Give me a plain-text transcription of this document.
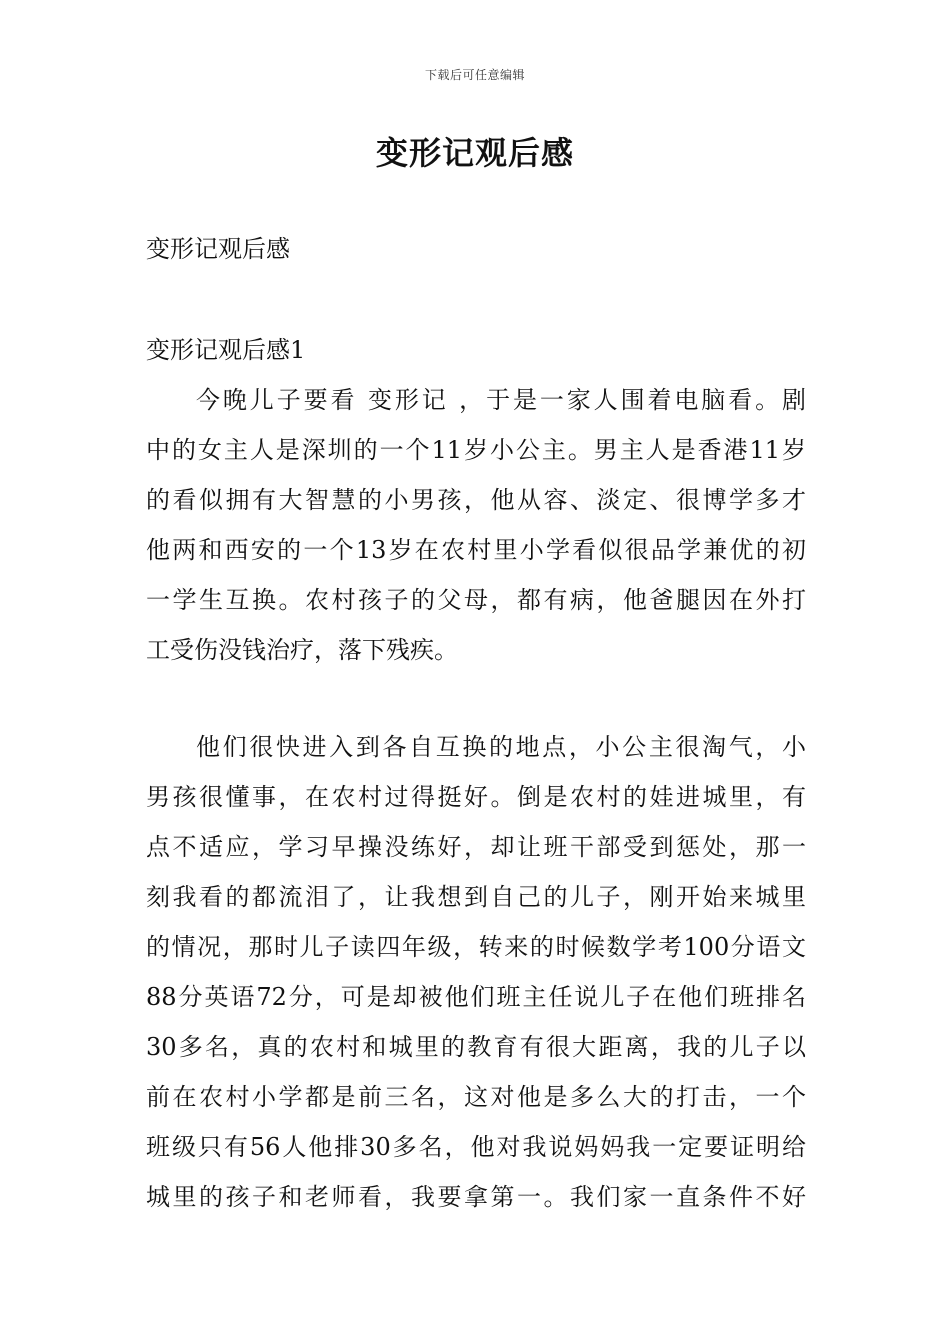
下载后可任意编辑
变形记观后感
变形记观后感
变形记观后感1
今晚儿子要看 变形记 ，于是一家人围着电脑看。剧
中的女主人是深圳的一个11岁小公主。男主人是香港11岁
的看似拥有大智慧的小男孩，他从容、淡定、很博学多才
他两和西安的一个13岁在农村里小学看似很品学兼优的初
一学生互换。农村孩子的父母，都有病，他爸腿因在外打
工受伤没钱治疗，落下残疾。
他们很快进入到各自互换的地点，小公主很淘气，小
男孩很懂事，在农村过得挺好。倒是农村的娃进城里，有
点不适应，学习早操没练好，却让班干部受到惩处，那一
刻我看的都流泪了，让我想到自己的儿子，刚开始来城里
的情况，那时儿子读四年级，转来的时候数学考100分语文
88分英语72分，可是却被他们班主任说儿子在他们班排名
30多名，真的农村和城里的教育有很大距离，我的儿子以
前在农村小学都是前三名，这对他是多么大的打击，一个
班级只有56人他排30多名，他对我说妈妈我一定要证明给
城里的孩子和老师看，我要拿第一。我们家一直条件不好
